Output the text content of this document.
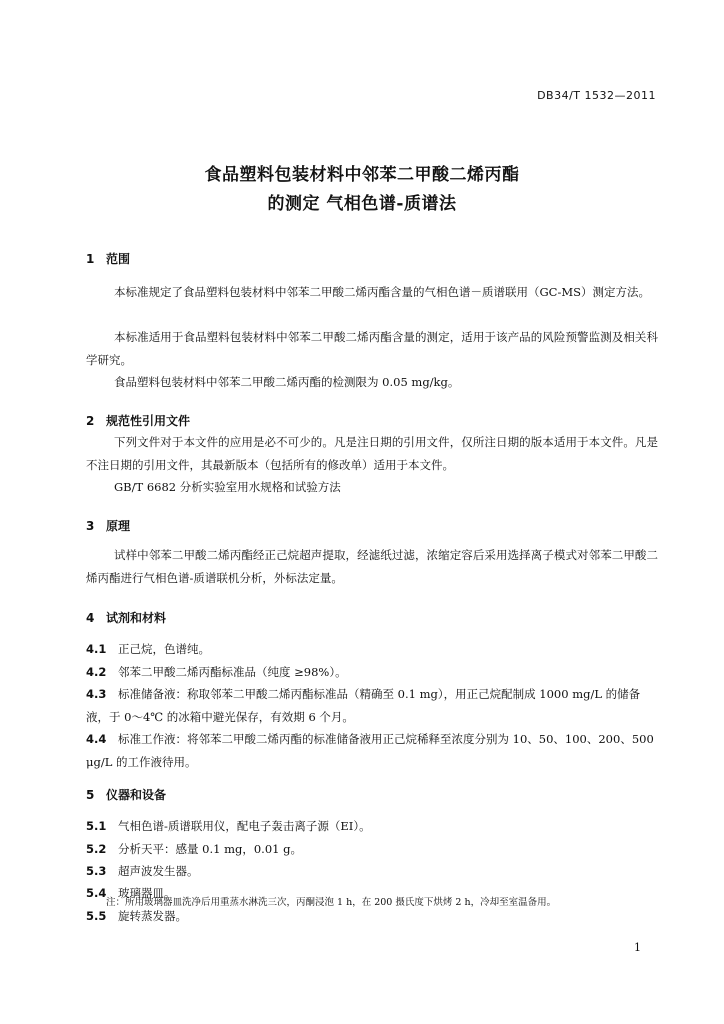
DB34/T 1532—2011
食品塑料包装材料中邻苯二甲酸二烯丙酯
的测定 气相色谱-质谱法
1 范围
本标准规定了食品塑料包装材料中邻苯二甲酸二烯丙酯含量的气相色谱－质谱联用（GC-MS）测定方法。
本标准适用于食品塑料包装材料中邻苯二甲酸二烯丙酯含量的测定，适用于该产品的风险预警监测及相关科学研究。
食品塑料包装材料中邻苯二甲酸二烯丙酯的检测限为 0.05 mg/kg。
2 规范性引用文件
下列文件对于本文件的应用是必不可少的。凡是注日期的引用文件，仅所注日期的版本适用于本文件。凡是不注日期的引用文件，其最新版本（包括所有的修改单）适用于本文件。
GB/T 6682 分析实验室用水规格和试验方法
3 原理
试样中邻苯二甲酸二烯丙酯经正己烷超声提取，经滤纸过滤，浓缩定容后采用选择离子模式对邻苯二甲酸二烯丙酯进行气相色谱-质谱联机分析，外标法定量。
4 试剂和材料
4.1 正己烷，色谱纯。
4.2 邻苯二甲酸二烯丙酯标准品（纯度 ≥98%）。
4.3 标准储备液：称取邻苯二甲酸二烯丙酯标准品（精确至 0.1 mg），用正己烷配制成 1000 mg/L 的储备液，于 0～4℃ 的冰箱中避光保存，有效期 6 个月。
4.4 标准工作液：将邻苯二甲酸二烯丙酯的标准储备液用正己烷稀释至浓度分别为 10、50、100、200、500 μg/L 的工作液待用。
5 仪器和设备
5.1 气相色谱-质谱联用仪，配电子轰击离子源（EI）。
5.2 分析天平：感量 0.1 mg，0.01 g。
5.3 超声波发生器。
5.4 玻璃器皿。
注：所用玻璃器皿洗净后用重蒸水淋洗三次，丙酮浸泡 1 h，在 200 摄氏度下烘烤 2 h，冷却至室温备用。
5.5 旋转蒸发器。
1
